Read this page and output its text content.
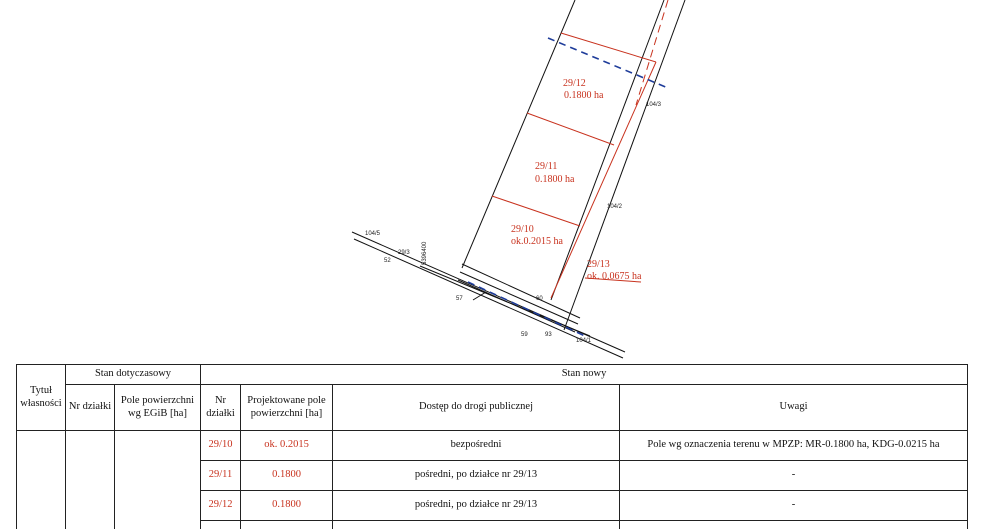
29/12
0.1800 ha
29/11
0.1800 ha
29/10
ok.0.2015 ha
29/13
ok. 0.0675 ha
104/3
104/2
104/1
104/5
29/3
52
57
59	93
60
5396400
Tytuł własności	Stan dotyczasowy		Stan nowy			
	Nr działki	Pole powierzchni wg EGiB [ha]	Nr działki	Projektowane pole powierzchni [ha]	Dostęp do drogi publicznej	Uwagi
			29/10	ok. 0.2015	bezpośredni	Pole wg oznaczenia terenu w MPZP: MR-0.1800 ha, KDG-0.0215 ha
			29/11	0.1800	pośredni, po działce nr 29/13	-
			29/12	0.1800	pośredni, po działce nr 29/13	-
